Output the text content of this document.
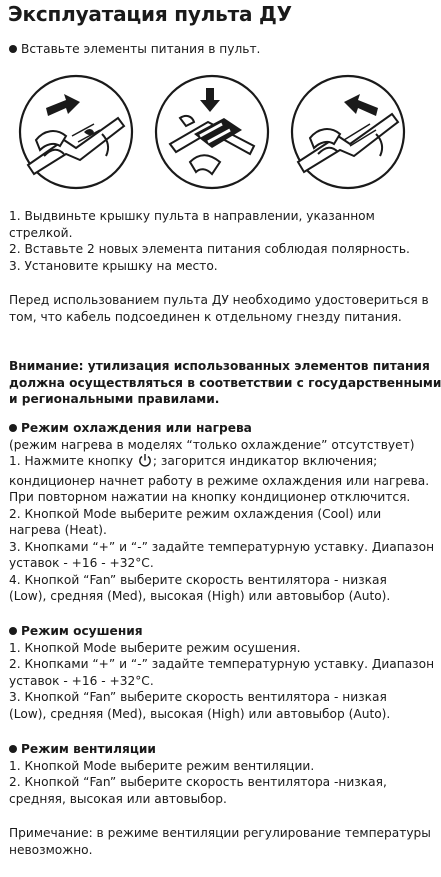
Эксплуатация пульта ДУ
Вставьте элементы питания в пульт.

1. Выдвиньте крышку пульта в направлении, указанном

стрелкой.

2. Вставьте 2 новых элемента питания соблюдая полярность.

3. Установите крышку на место.

Перед использованием пульта ДУ необходимо удостовериться в

том, что кабель подсоединен к отдельному гнезду питания.

Внимание: утилизация использованных элементов питания

должна осуществляться в соответствии с государственными

и региональными правилами.

Режим охлаждения или нагрева

(режим нагрева в моделях “только охлаждение” отсутствует)

1. Нажмите кнопку ; загорится индикатор включения;

кондиционер начнет работу в режиме охлаждения или нагрева.

При повторном нажатии на кнопку кондиционер отключится.

2. Кнопкой Mode выберите режим охлаждения (Cool) или

нагрева (Heat).

3. Кнопками “+” и “-” задайте температурную уставку. Диапазон

уставок - +16 - +32°C.

4. Кнопкой “Fan” выберите скорость вентилятора - низкая

(Low), средняя (Med), высокая (High) или автовыбор (Auto).

Режим осушения

1. Кнопкой Mode выберите режим осушения.

2. Кнопками “+” и “-” задайте температурную уставку. Диапазон

уставок - +16 - +32°C.

3. Кнопкой “Fan” выберите скорость вентилятора - низкая

(Low), средняя (Med), высокая (High) или автовыбор (Auto).

Режим вентиляции

1. Кнопкой Mode выберите режим вентиляции.

2. Кнопкой “Fan” выберите скорость вентилятора -низкая,

средняя, высокая или автовыбор.

Примечание: в режиме вентиляции регулирование температуры

невозможно.
